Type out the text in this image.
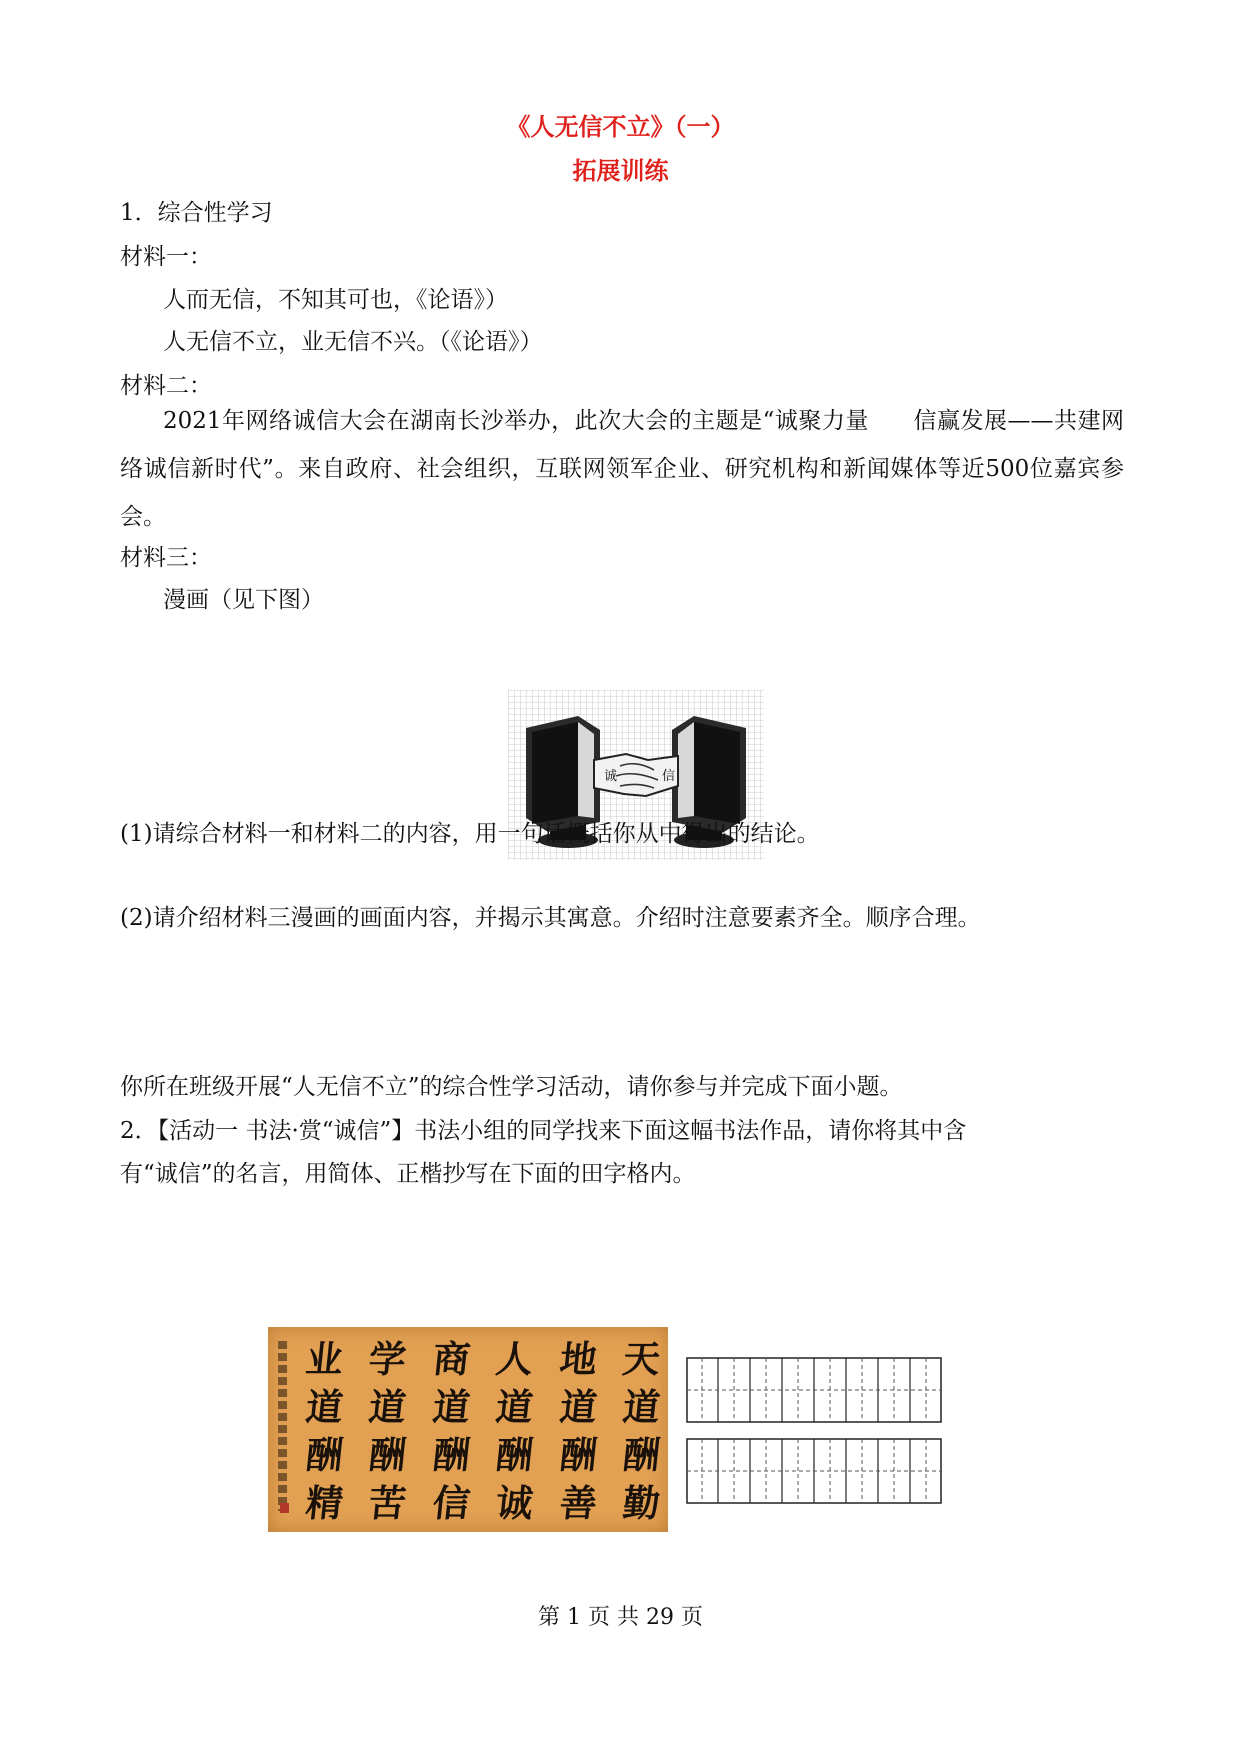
《人无信不立》（一）
拓展训练
1．综合性学习
材料一：
人而无信，不知其可也，《论语》）
人无信不立，业无信不兴。（《论语》）
材料二：
2021年网络诚信大会在湖南长沙举办，此次大会的主题是“诚聚力量 信赢发展——共建网络诚信新时代”。来自政府、社会组织，互联网领军企业、研究机构和新闻媒体等近500位嘉宾参会。
材料三：
漫画（见下图）
诚	信
(1)请综合材料一和材料二的内容，用一句话概括你从中得出的结论。
(2)请介绍材料三漫画的画面内容，并揭示其寓意。介绍时注意要素齐全。顺序合理。
你所在班级开展“人无信不立”的综合性学习活动，请你参与并完成下面小题。
2．【活动一 书法·赏“诚信”】书法小组的同学找来下面这幅书法作品，请你将其中含
有“诚信”的名言，用简体、正楷抄写在下面的田字格内。
天
道
酬
勤
地
道
酬
善
人
道
酬
诚
商
道
酬
信
学
道
酬
苦
业
道
酬
精
第 1 页 共 29 页
